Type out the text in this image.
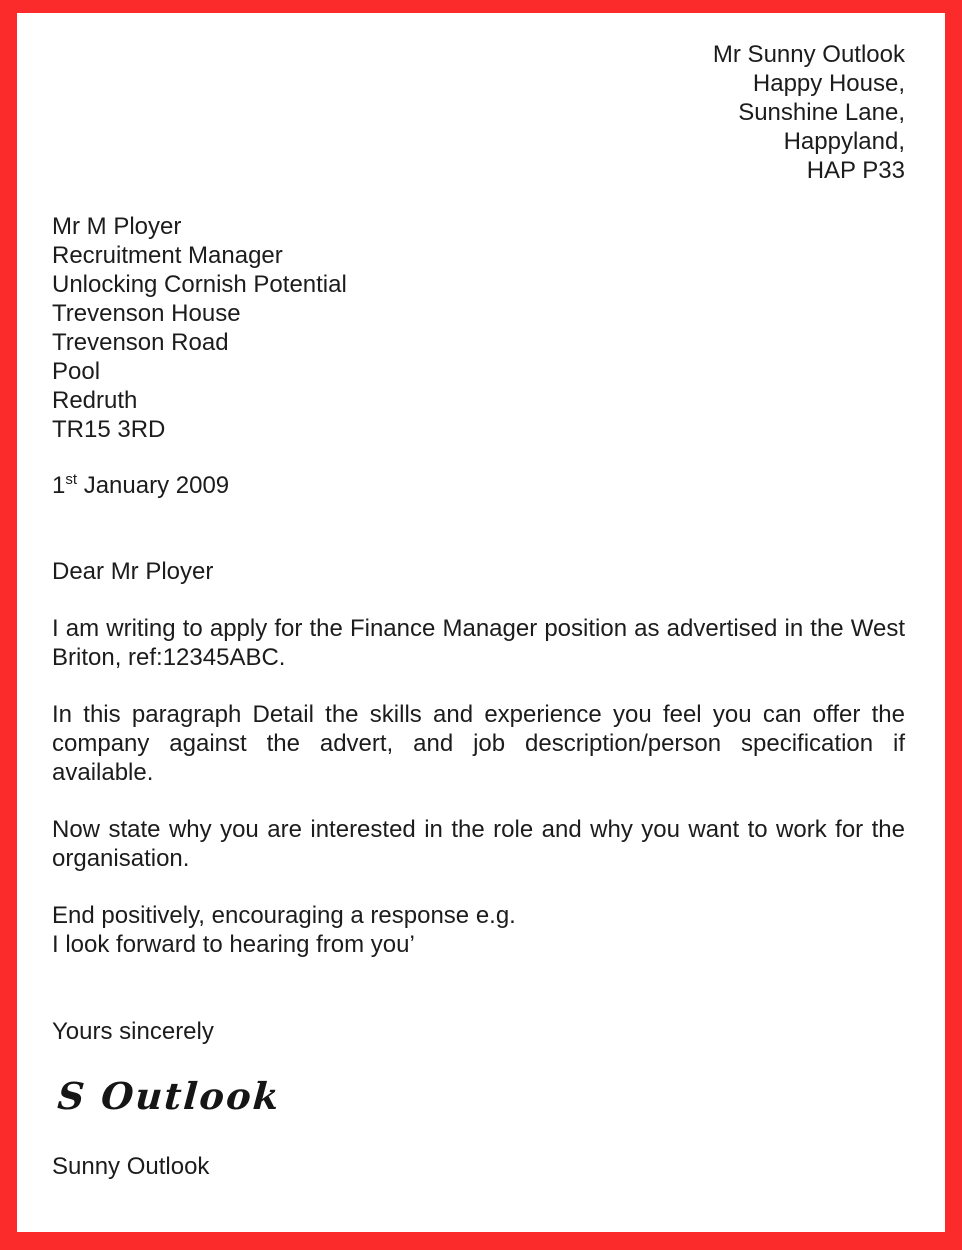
Mr Sunny Outlook
Happy House,
Sunshine Lane,
Happyland,
HAP P33
Mr M Ployer
Recruitment Manager
Unlocking Cornish Potential
Trevenson House
Trevenson Road
Pool
Redruth
TR15 3RD

1st January 2009

Dear Mr Ployer

I am writing to apply for the Finance Manager position as advertised in the West Briton, ref:12345ABC.

In this paragraph Detail the skills and experience you feel you can offer the company against the advert, and job description/person specification if available.

Now state why you are interested in the role and why you want to work for the organisation.

End positively, encouraging a response e.g.
I look forward to hearing from you’

Yours sincerely

S Outlook

Sunny Outlook
